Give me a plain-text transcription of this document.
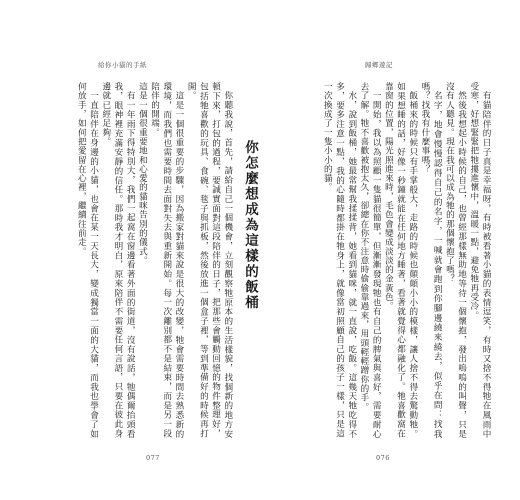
給你小貓的手紙

你怎麼想成為這樣的飯桶

你聽我說，首先，請給自己一個機會，立刻觀察牠原本的生活樣貌，找個新的地方安頓下來，打包的過程，要誠實面對這段陪伴的日子，把那些會觸動回憶的物件整理好，包括牠喜歡的玩具、食碗、毯子與抓板，然後放進一個盒子裡，等到準備好的時候再打開。

這是一個很重要的步驟，因為搬家對貓來說是很大的改變，牠會需要時間去熟悉新的環境，而我們也需要時間去面對失去與重新開始。每一次離別都不是結束，而是另一段陪伴的開端。

這是一個很重要地和心愛的貓咪告別的儀式。

有一年雨下得特別大，我們一起窩在窗邊看著外面的街道，沒有說話，牠偶爾抬頭看我，眼神裡充滿安靜的信任。那時我才明白，原來陪伴不需要任何言語，只要在彼此身邊就已經足夠。

一直陪伴在身邊的小貓，也會在某一天長大，變成獨當一面的大貓，而我也學會了如何放手，如何把愛留在心裡，繼續往前走。

077
歸鄉遊記

有貓陪伴的日子真是幸福呀，有時被看著小貓的表情逗笑，有時又捨不得牠在風雨中受寒，好想緊緊把牠摟進懷中，溫暖一點，避免牠再受冷。

然後我想起小時候的自己，也曾經那樣無助地等待一個懷抱，發出嗚嗚的叫聲，只是沒有人聽見。現在我可以成為牠的那個懷抱了嗎？

名字，地會慢慢認得自己的名字，一喊就會跑到你腳邊繞來繞去，似乎在問：找我嗎？找我有什麼事嗎？

飯桶來的時候只有手掌般大，走路的時候也顛顛小小的模樣，讓人捨不得去驚動牠。如果想睡的話，好像一秒鐘就能在任何地方睡著，看著就覺得心都融化了。牠喜歡窩在靠窗的位置，陽光照進來時，毛色會變成淡淡的金黃色。

一開始，我以為照顧一隻貓很簡單，但漸漸發現牠也有自己的脾氣與喜好，需要耐心去了解。牠不喜歡被抱太久，卻總在你不注意時偷偷靠過來，用頭輕輕蹭你的手。

水，說到飯桶，她最常幫我揉揉背，她看到貓咪，就一直說，吃飯。這幾天牠吃得不多，要多注意一點，我的心隨時都掛在牠身上，就像當初照顧自己的孩子一樣，只是這一次換成了一隻小小的貓。

076
